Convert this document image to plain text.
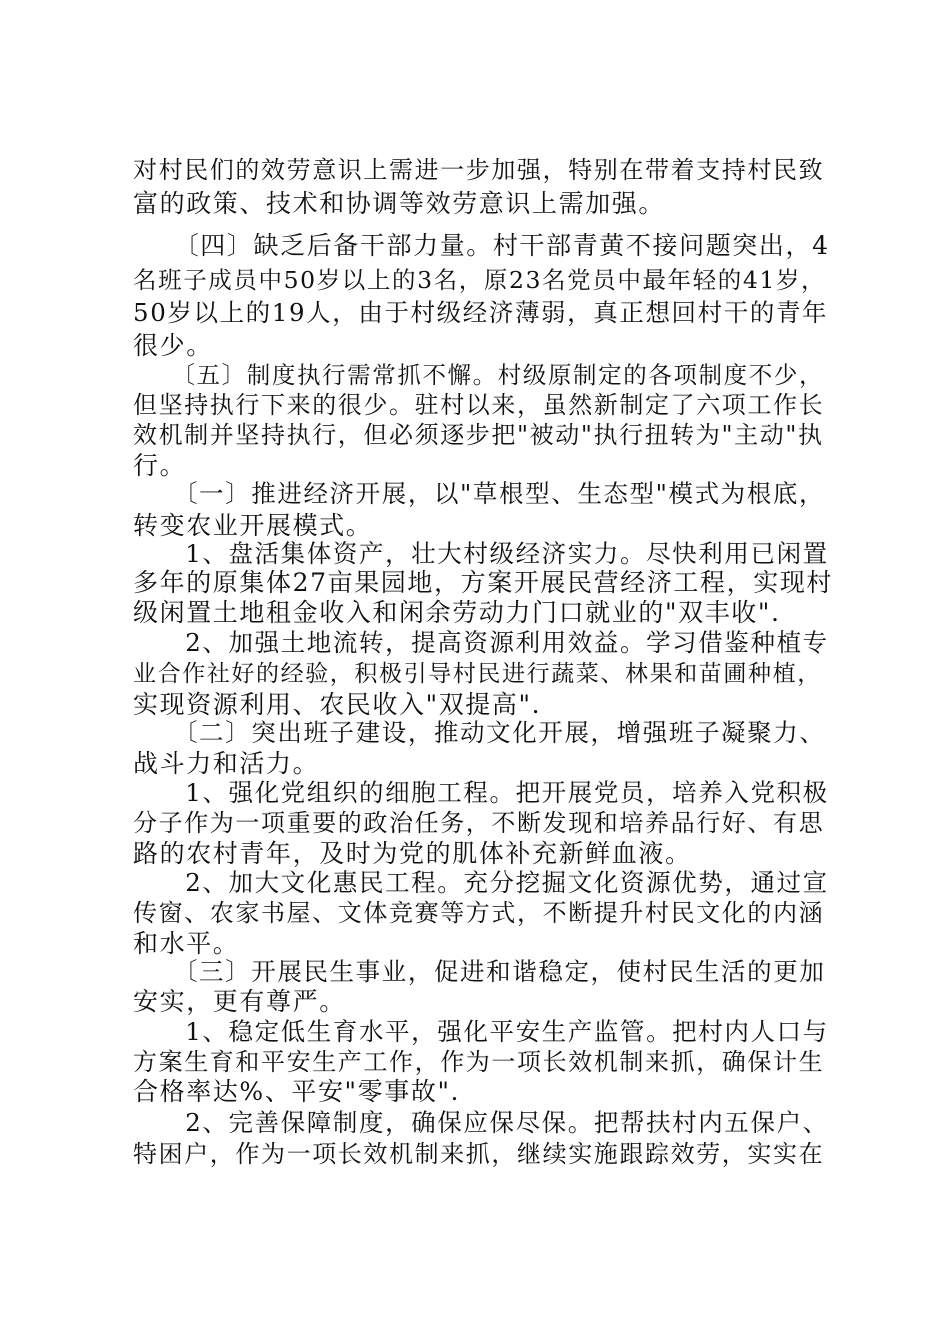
对村民们的效劳意识上需进一步加强，特别在带着支持村民致
富的政策、技术和协调等效劳意识上需加强。
　　〔四〕缺乏后备干部力量。村干部青黄不接问题突出，4
名班子成员中50岁以上的3名，原23名党员中最年轻的41岁，
50岁以上的19人，由于村级经济薄弱，真正想回村干的青年
很少。
　　〔五〕制度执行需常抓不懈。村级原制定的各项制度不少，
但坚持执行下来的很少。驻村以来，虽然新制定了六项工作长
效机制并坚持执行，但必须逐步把"被动"执行扭转为"主动"执
行。
　　〔一〕推进经济开展，以"草根型、生态型"模式为根底，
转变农业开展模式。
　　1、盘活集体资产，壮大村级经济实力。尽快利用已闲置
多年的原集体27亩果园地，方案开展民营经济工程，实现村
级闲置土地租金收入和闲余劳动力门口就业的"双丰收".
　　2、加强土地流转，提高资源利用效益。学习借鉴种植专
业合作社好的经验，积极引导村民进行蔬菜、林果和苗圃种植，
实现资源利用、农民收入"双提高".
　　〔二〕突出班子建设，推动文化开展，增强班子凝聚力、
战斗力和活力。
　　1、强化党组织的细胞工程。把开展党员，培养入党积极
分子作为一项重要的政治任务，不断发现和培养品行好、有思
路的农村青年，及时为党的肌体补充新鲜血液。
　　2、加大文化惠民工程。充分挖掘文化资源优势，通过宣
传窗、农家书屋、文体竞赛等方式，不断提升村民文化的内涵
和水平。
　　〔三〕开展民生事业，促进和谐稳定，使村民生活的更加
安实，更有尊严。
　　1、稳定低生育水平，强化平安生产监管。把村内人口与
方案生育和平安生产工作，作为一项长效机制来抓，确保计生
合格率达%、平安"零事故".
　　2、完善保障制度，确保应保尽保。把帮扶村内五保户、
特困户，作为一项长效机制来抓，继续实施跟踪效劳，实实在
